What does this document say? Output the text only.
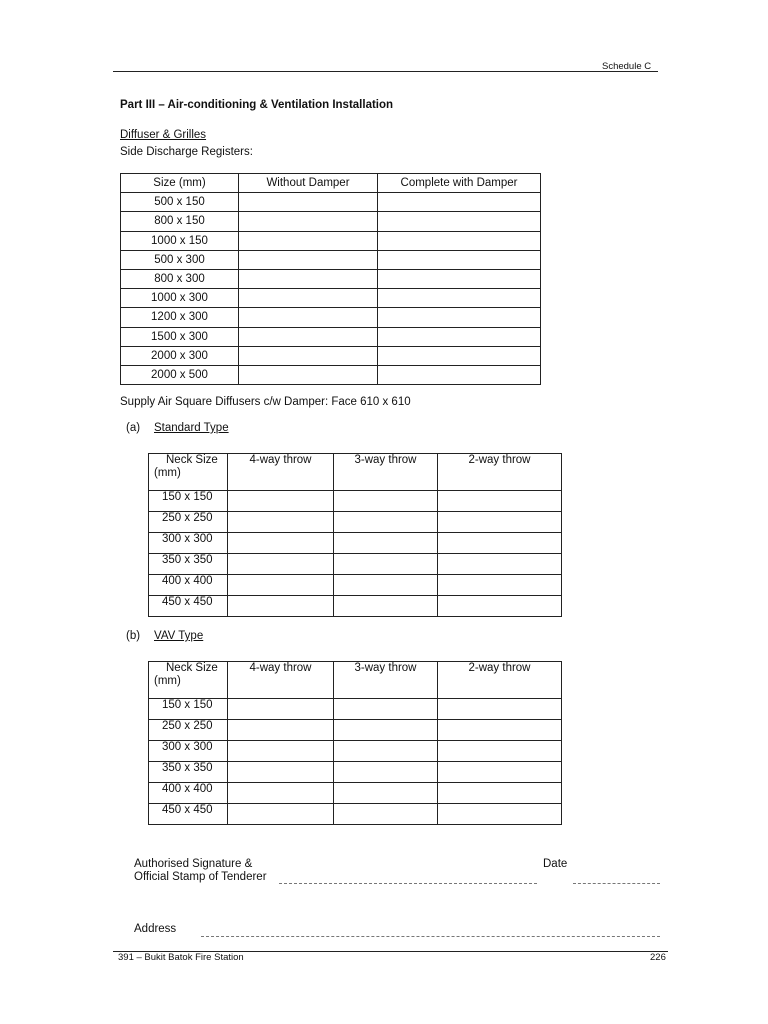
Schedule C
Part III – Air-conditioning & Ventilation Installation
Diffuser & Grilles
Side Discharge Registers:
Size (mm)	Without Damper	Complete with Damper
500 x 150		
800 x 150		
1000 x 150		
500 x 300		
800 x 300		
1000 x 300		
1200 x 300		
1500 x 300		
2000 x 300		
2000 x 500		
Supply Air Square Diffusers c/w Damper: Face 610 x 610
(a) Standard Type
Neck Size
(mm)	4-way throw	3-way throw	2-way throw
150 x 150			
250 x 250			
300 x 300			
350 x 350			
400 x 400			
450 x 450			
(b) VAV Type
Neck Size
(mm)	4-way throw	3-way throw	2-way throw
150 x 150			
250 x 250			
300 x 300			
350 x 350			
400 x 400			
450 x 450			
Authorised Signature &
Official Stamp of Tenderer
Date
Address
391 – Bukit Batok Fire Station	226
